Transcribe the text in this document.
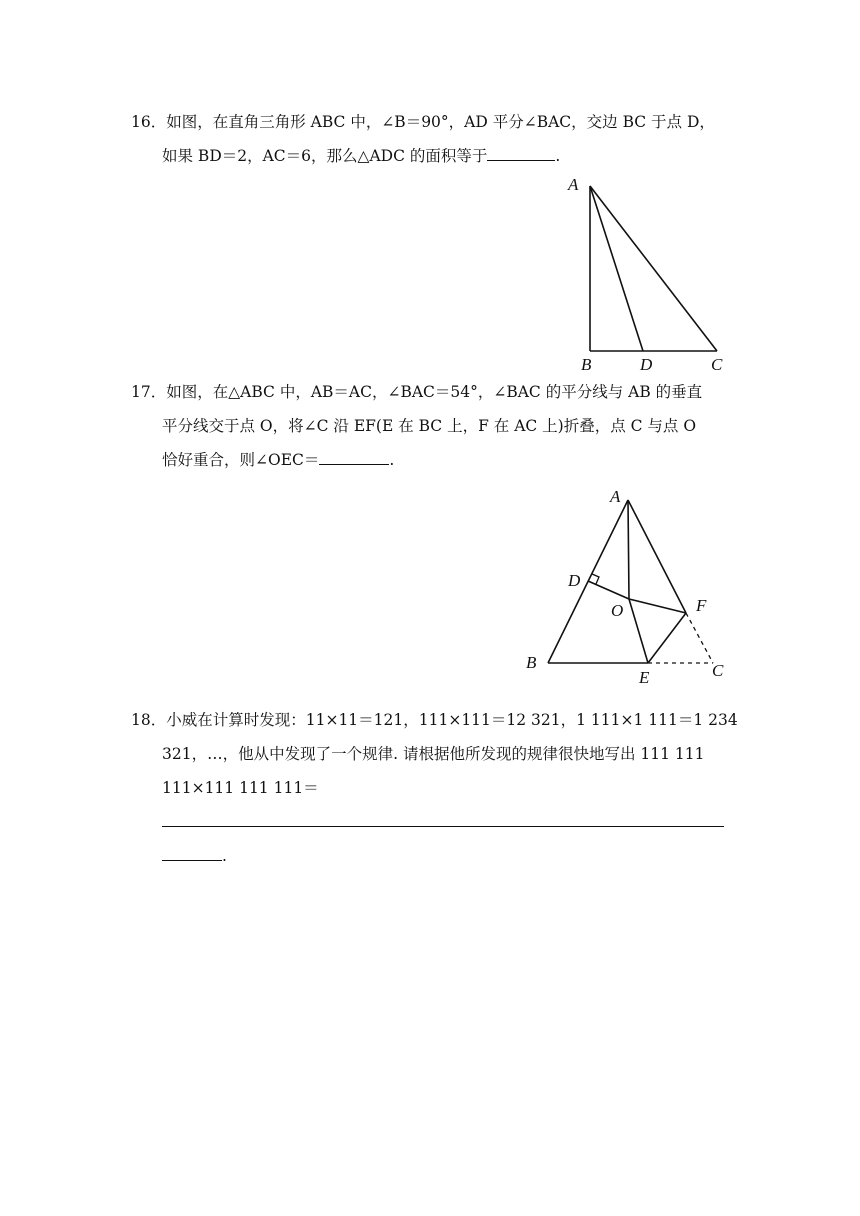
16．如图，在直角三角形 ABC 中，∠B＝90°，AD 平分∠BAC，交边 BC 于点 D，
如果 BD＝2，AC＝6，那么△ADC 的面积等于	.
A
B	D	C
17．如图，在△ABC 中，AB＝AC，∠BAC＝54°，∠BAC 的平分线与 AB 的垂直
平分线交于点 O，将∠C 沿 EF(E 在 BC 上，F 在 AC 上)折叠，点 C 与点 O
恰好重合，则∠OEC＝	.
A
D
O	F
B
E	C
18．小威在计算时发现：11×11＝121，111×111＝12 321，1 111×1 111＝1 234
321，…，他从中发现了一个规律. 请根据他所发现的规律很快地写出 111 111
111×111 111 111＝
.
